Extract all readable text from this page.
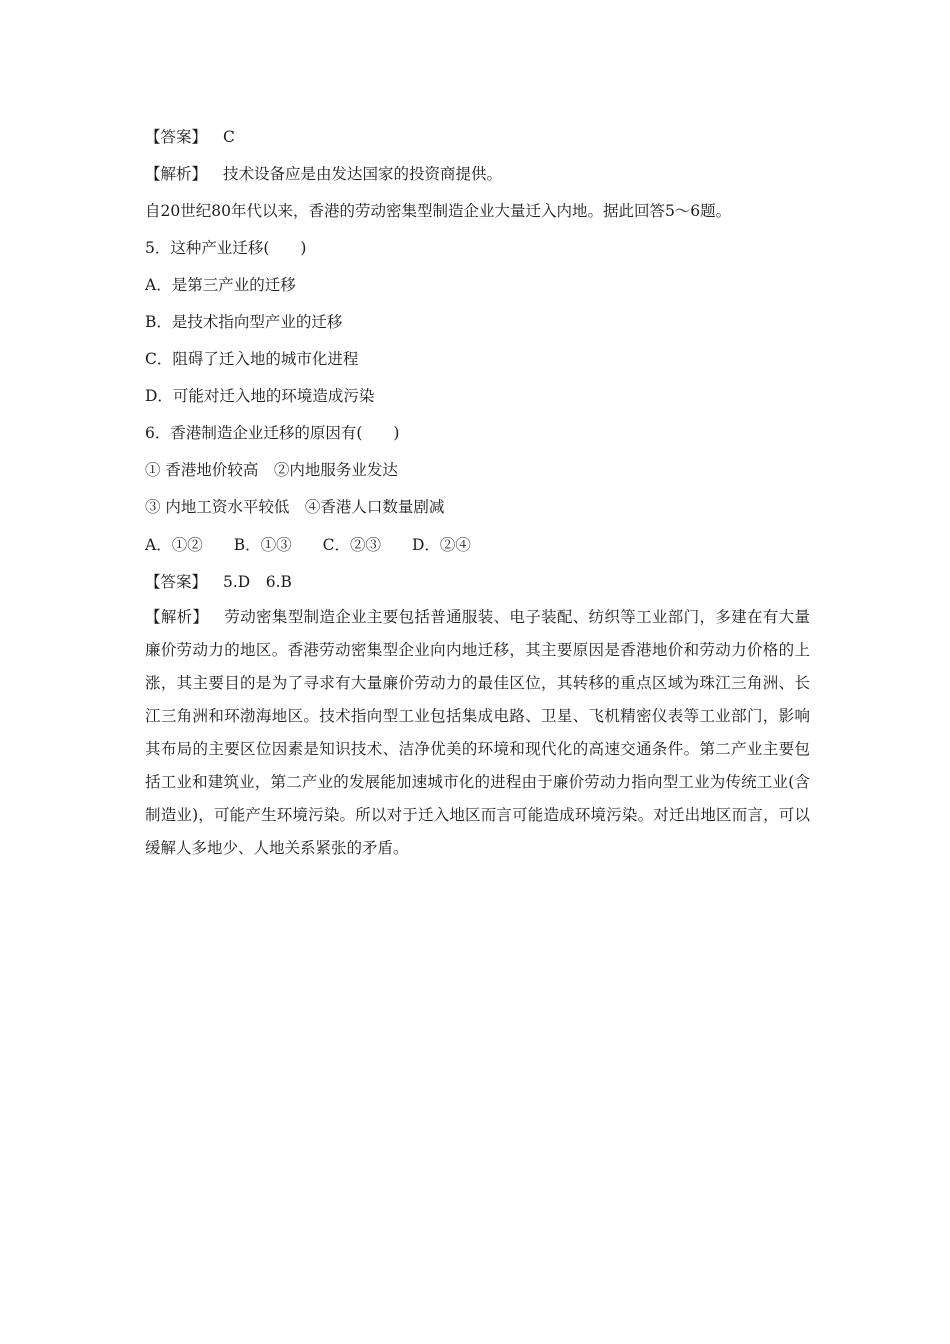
【答案】 C
【解析】 技术设备应是由发达国家的投资商提供。
自20世纪80年代以来，香港的劳动密集型制造企业大量迁入内地。据此回答5～6题。
5．这种产业迁移(　　)
A．是第三产业的迁移
B．是技术指向型产业的迁移
C．阻碍了迁入地的城市化进程
D．可能对迁入地的环境造成污染
6．香港制造企业迁移的原因有(　　)
① 香港地价较高　②内地服务业发达
③ 内地工资水平较低　④香港人口数量剧减
A．①②　　B．①③　　C．②③　　D．②④
【答案】 5.D　6.B
【解析】 劳动密集型制造企业主要包括普通服装、电子装配、纺织等工业部门，多建在有大量廉价劳动力的地区。香港劳动密集型企业向内地迁移，其主要原因是香港地价和劳动力价格的上涨，其主要目的是为了寻求有大量廉价劳动力的最佳区位，其转移的重点区域为珠江三角洲、长江三角洲和环渤海地区。技术指向型工业包括集成电路、卫星、飞机精密仪表等工业部门，影响其布局的主要区位因素是知识技术、洁净优美的环境和现代化的高速交通条件。第二产业主要包括工业和建筑业，第二产业的发展能加速城市化的进程由于廉价劳动力指向型工业为传统工业(含制造业)，可能产生环境污染。所以对于迁入地区而言可能造成环境污染。对迁出地区而言，可以缓解人多地少、人地关系紧张的矛盾。
